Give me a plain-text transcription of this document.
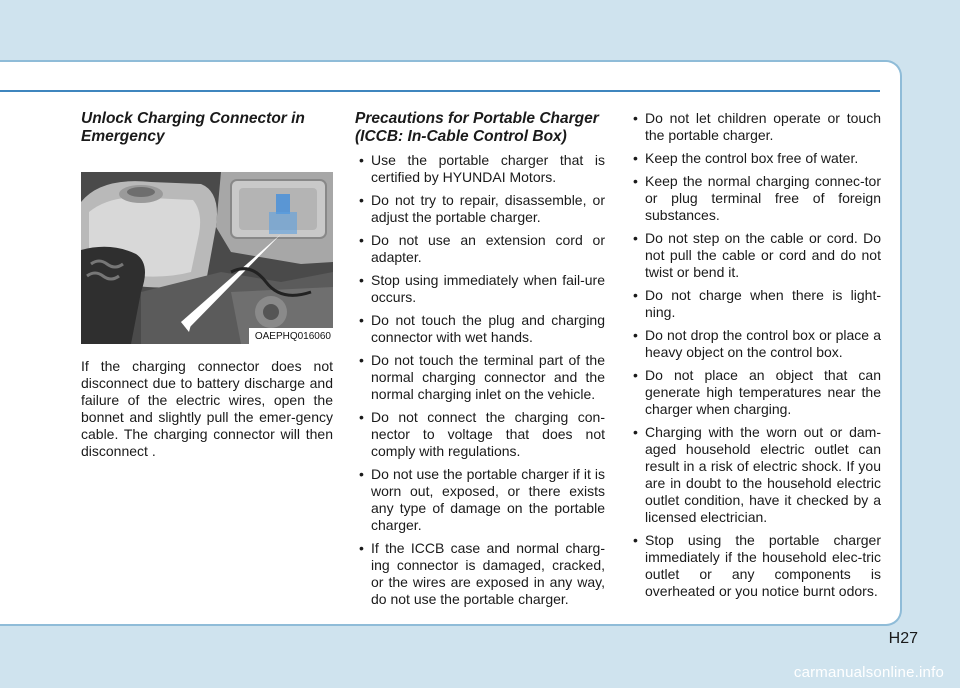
Unlock Charging Connector in Emergency
OAEPHQ016060

If the charging connector does not disconnect due to battery discharge and failure of the electric wires, open the bonnet and slightly pull the emer-gency cable. The charging connector will then disconnect .

Precautions for Portable Charger (ICCB: In-Cable Control Box)
• Use the portable charger that is certified by HYUNDAI Motors.
• Do not try to repair, disassemble, or adjust the portable charger.
• Do not use an extension cord or adapter.
• Stop using immediately when fail-ure occurs.
• Do not touch the plug and charging connector with wet hands.
• Do not touch the terminal part of the normal charging connector and the normal charging inlet on the vehicle.
• Do not connect the charging con-nector to voltage that does not comply with regulations.
• Do not use the portable charger if it is worn out, exposed, or there exists any type of damage on the portable charger.
• If the ICCB case and normal charg-ing connector is damaged, cracked, or the wires are exposed in any way, do not use the portable charger.
• Do not let children operate or touch the portable charger.
• Keep the control box free of water.
• Keep the normal charging connec-tor or plug terminal free of foreign substances.
• Do not step on the cable or cord. Do not pull the cable or cord and do not twist or bend it.
• Do not charge when there is light-ning.
• Do not drop the control box or place a heavy object on the control box.
• Do not place an object that can generate high temperatures near the charger when charging.
• Charging with the worn out or dam-aged household electric outlet can result in a risk of electric shock. If you are in doubt to the household electric outlet condition, have it checked by a licensed electrician.
• Stop using the portable charger immediately if the household elec-tric outlet or any components is overheated or you notice burnt odors.
H27
carmanualsonline.info
